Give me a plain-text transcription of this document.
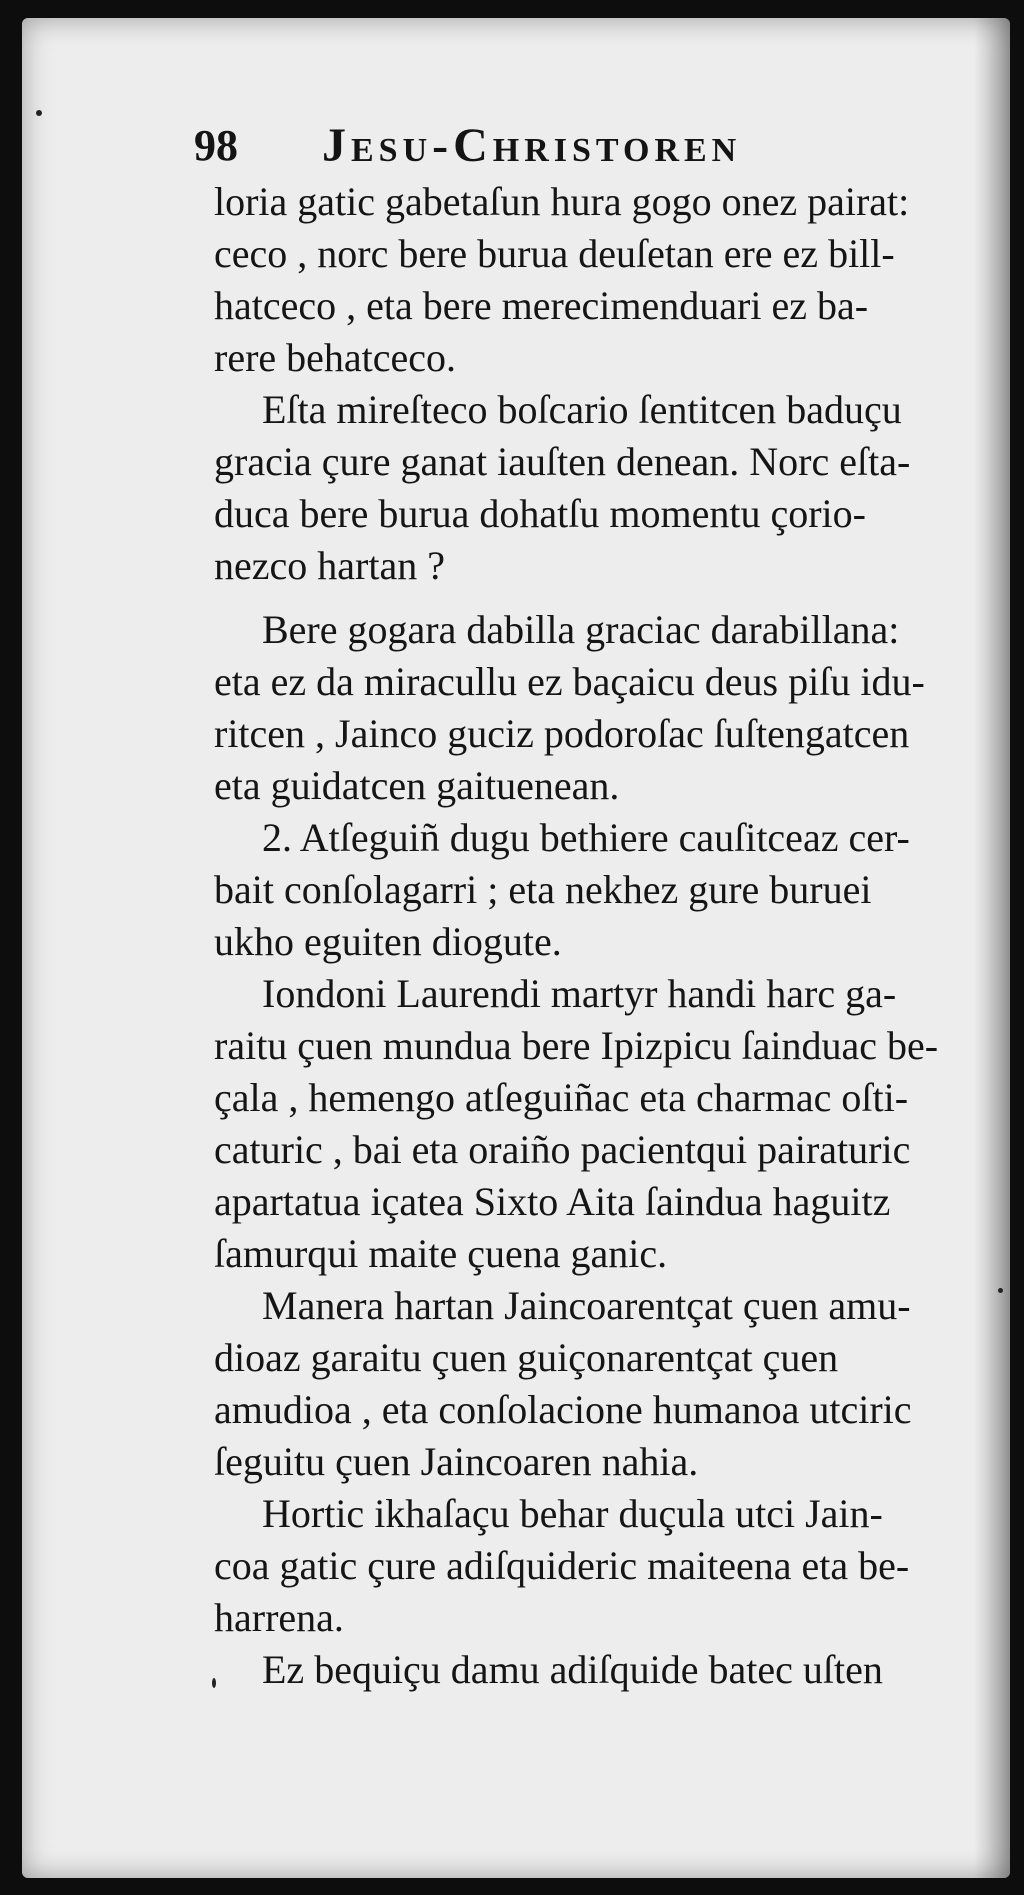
98 Jesu-Christoren
loria gatic gabetaſun hura gogo onez pairat:
ceco , norc bere burua deuſetan ere ez bill-
hatceco , eta bere merecimenduari ez ba-
rere behatceco.
Eſta mireſteco boſcario ſentitcen baduçu
gracia çure ganat iauſten denean. Norc eſta-
duca bere burua dohatſu momentu çorio-
nezco hartan ?
Bere gogara dabilla graciac darabillana:
eta ez da miracullu ez baçaicu deus piſu idu-
ritcen , Jainco guciz podoroſac ſuſtengatcen
eta guidatcen gaituenean.
2. Atſeguiñ dugu bethiere cauſitceaz cer-
bait conſolagarri ; eta nekhez gure buruei
ukho eguiten diogute.
Iondoni Laurendi martyr handi harc ga-
raitu çuen mundua bere Ipizpicu ſainduac be-
çala , hemengo atſeguiñac eta charmac oſti-
caturic , bai eta oraiño pacientqui pairaturic
apartatua içatea Sixto Aita ſaindua haguitz
ſamurqui maite çuena ganic.
Manera hartan Jaincoarentçat çuen amu-
dioaz garaitu çuen guiçonarentçat çuen
amudioa , eta conſolacione humanoa utciric
ſeguitu çuen Jaincoaren nahia.
Hortic ikhaſaçu behar duçula utci Jain-
coa gatic çure adiſquideric maiteena eta be-
harrena.
Ez bequiçu damu adiſquide batec uſten
